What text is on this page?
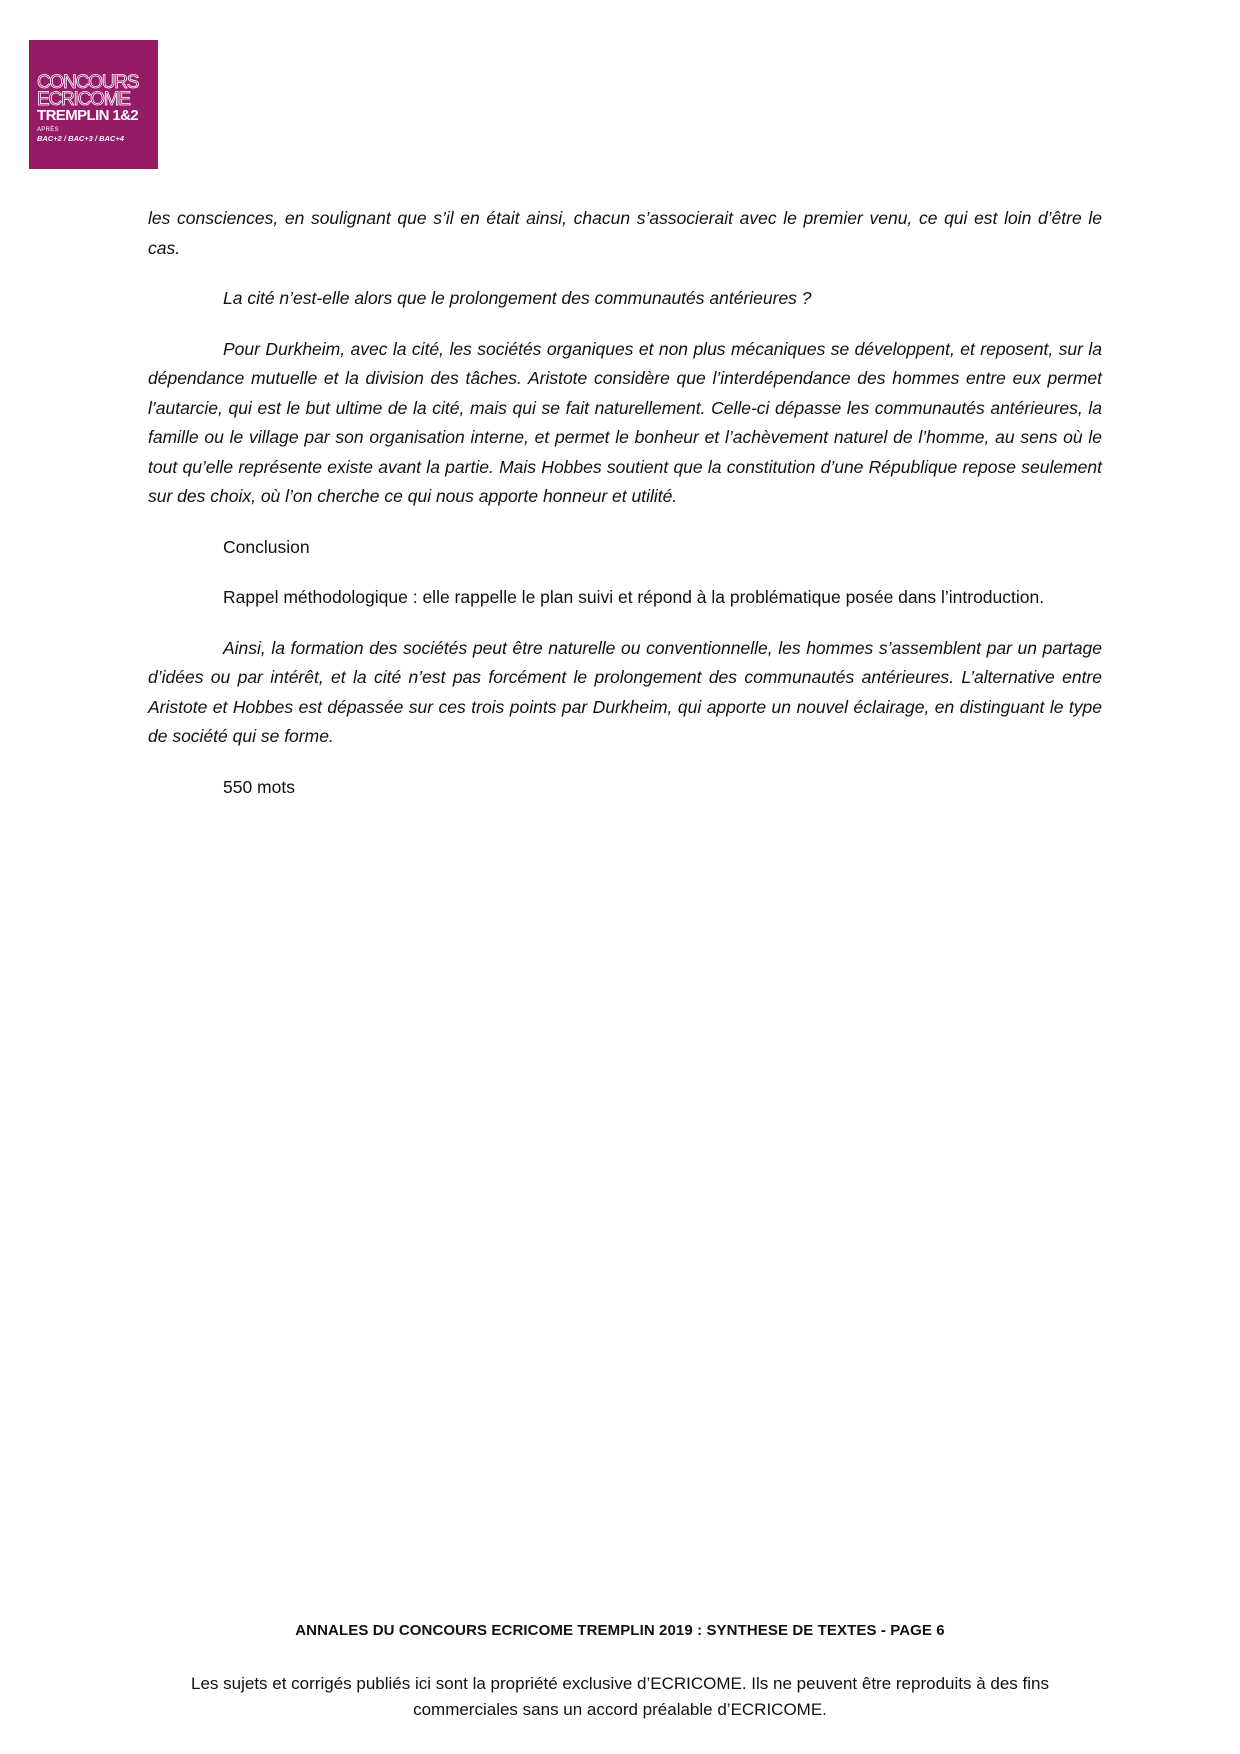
CONCOURS
ECRICOME
TREMPLIN 1&2
APRÈS
BAC+2 / BAC+3 / BAC+4

les consciences, en soulignant que s’il en était ainsi, chacun s’associerait avec le premier venu, ce qui est loin d’être le cas.

La cité n’est-elle alors que le prolongement des communautés antérieures ?

Pour Durkheim, avec la cité, les sociétés organiques et non plus mécaniques se développent, et reposent, sur la dépendance mutuelle et la division des tâches. Aristote considère que l’interdépendance des hommes entre eux permet l’autarcie, qui est le but ultime de la cité, mais qui se fait naturellement. Celle-ci dépasse les communautés antérieures, la famille ou le village par son organisation interne, et permet le bonheur et l’achèvement naturel de l’homme, au sens où le tout qu’elle représente existe avant la partie. Mais Hobbes soutient que la constitution d’une République repose seulement sur des choix, où l’on cherche ce qui nous apporte honneur et utilité.

Conclusion

Rappel méthodologique : elle rappelle le plan suivi et répond à la problématique posée dans l’introduction.

Ainsi, la formation des sociétés peut être naturelle ou conventionnelle, les hommes s’assemblent par un partage d’idées ou par intérêt, et la cité n’est pas forcément le prolongement des communautés antérieures. L’alternative entre Aristote et Hobbes est dépassée sur ces trois points par Durkheim, qui apporte un nouvel éclairage, en distinguant le type de société qui se forme.

550 mots

ANNALES DU CONCOURS ECRICOME TREMPLIN 2019 : SYNTHESE DE TEXTES - PAGE 6
Les sujets et corrigés publiés ici sont la propriété exclusive d’ECRICOME. Ils ne peuvent être reproduits à des fins commerciales sans un accord préalable d’ECRICOME.
